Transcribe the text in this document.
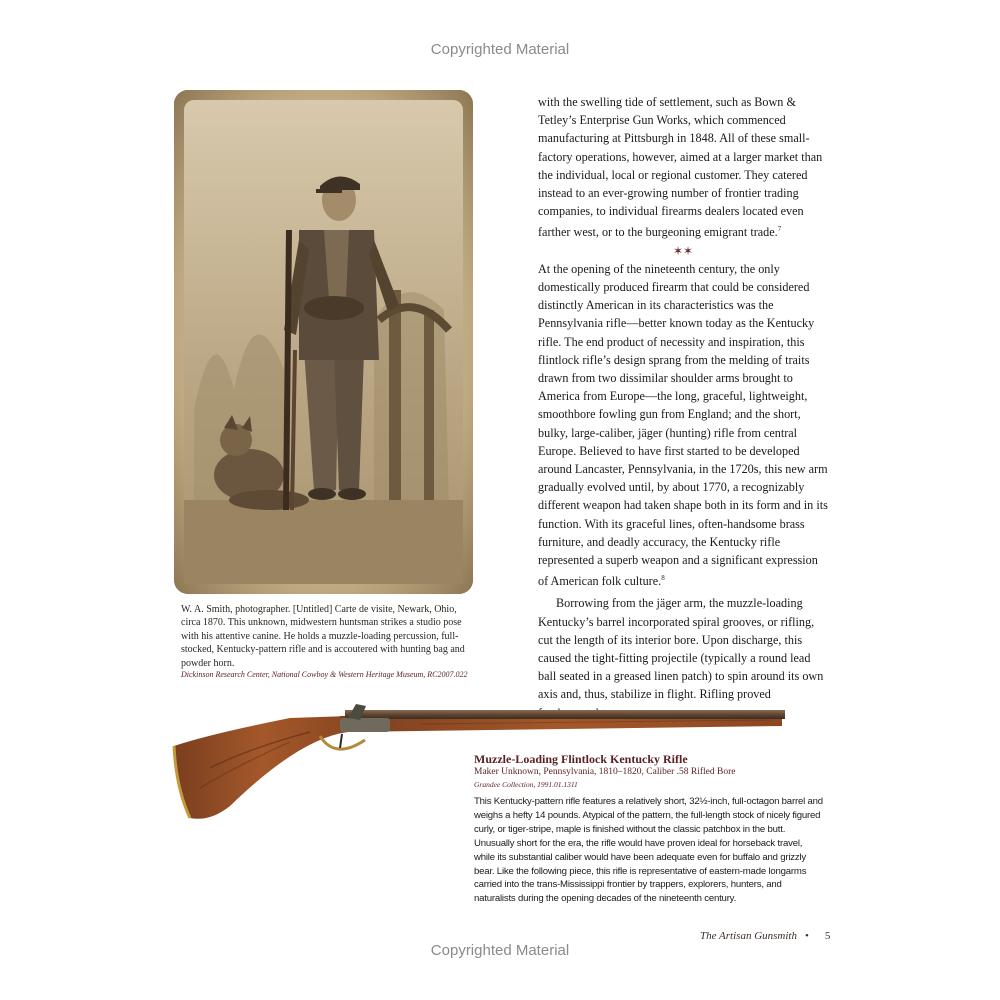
Copyrighted Material
W. A. Smith, photographer. [Untitled] Carte de visite, Newark, Ohio, circa 1870. This unknown, midwestern huntsman strikes a studio pose with his attentive canine. He holds a muzzle-loading percussion, full-stocked, Kentucky-pattern rifle and is accoutered with hunting bag and powder horn.
Dickinson Research Center, National Cowboy & Western Heritage Museum, RC2007.022

with the swelling tide of settlement, such as Bown & Tetley’s Enterprise Gun Works, which commenced manufacturing at Pittsburgh in 1848. All of these small-factory operations, however, aimed at a larger market than the individual, local or regional customer. They catered instead to an ever-growing number of frontier trading companies, to individual firearms dealers located even farther west, or to the burgeoning emigrant trade.$^7$

✶✶

At the opening of the nineteenth century, the only domestically produced firearm that could be considered distinctly American in its characteristics was the Pennsylvania rifle—better known today as the Kentucky rifle. The end product of necessity and inspiration, this flintlock rifle’s design sprang from the melding of traits drawn from two dissimilar shoulder arms brought to America from Europe—the long, graceful, lightweight, smoothbore fowling gun from England; and the short, bulky, large-caliber, jäger (hunting) rifle from central Europe. Believed to have first started to be developed around Lancaster, Pennsylvania, in the 1720s, this new arm gradually evolved until, by about 1770, a recognizably different weapon had taken shape both in its form and in its function. With its graceful lines, often-handsome brass furniture, and deadly accuracy, the Kentucky rifle represented a superb weapon and a significant expression of American folk culture.$^8$

Borrowing from the jäger arm, the muzzle-loading Kentucky’s barrel incorporated spiral grooves, or rifling, cut the length of its interior bore. Upon discharge, this caused the tight-fitting projectile (typically a round lead ball seated in a greased linen patch) to spin around its own axis and, thus, stabilize in flight. Rifling proved

Muzzle-Loading Flintlock Kentucky Rifle
Maker Unknown, Pennsylvania, 1810–1820, Caliber .58 Rifled Bore
Grandee Collection, 1991.01.1311
This Kentucky-pattern rifle features a relatively short, 32½-inch, full-octagon barrel and weighs a hefty 14 pounds. Atypical of the pattern, the full-length stock of nicely figured curly, or tiger-stripe, maple is finished without the classic patchbox in the butt. Unusually short for the era, the rifle would have proven ideal for horseback travel, while its substantial caliber would have been adequate even for buffalo and grizzly bear. Like the following piece, this rifle is representative of eastern-made longarms carried into the trans-Mississippi frontier by trappers, explorers, hunters, and naturalists during the opening decades of the nineteenth century.
The Artisan Gunsmith • 5
Copyrighted Material
